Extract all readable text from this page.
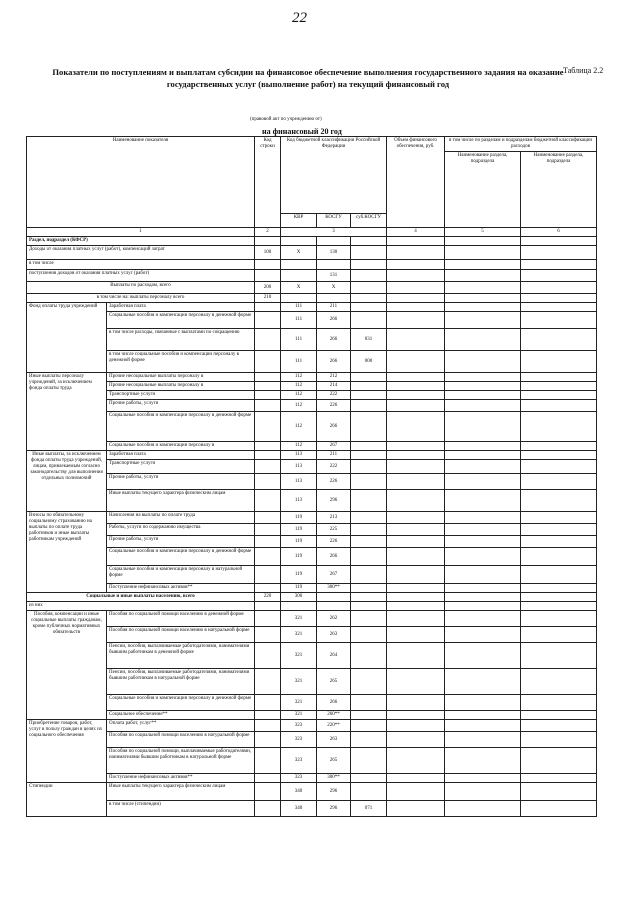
22
Таблица 2.2
Показатели по поступлениям и выплатам субсидии на финансовое обеспечение выполнения государственного задания на оказание
государственных услуг (выполнение работ) на текущий финансовый год
(правовой акт по учреждению от)
на финансовый 20 год
Наименование показателя		Код строки	Код бюджетной классификации Российской Федерации			Объем финансового обеспечения, руб.	в том числе по разделам и подразделам бюджетной классификации расходов	
							Наименование раздела, подраздела	Наименование раздела, подраздела
			КВР	КОСГУ	суб.КОСГУ			
1		2	3			4	5	6
Раздел, подраздел (КФСР)								
Доходы от оказания платных услуг (работ), компенсаций затрат		100	X	130				
в том числе								
поступления доходов от оказания платных услуг (работ)				131				
Выплаты по расходам, всего		200	X	X				
в том числе на: выплаты персоналу всего		210						
Фонд оплаты труда учреждений	Заработная плата		111	211				
	Социальные пособия и компенсации персоналу в денежной форме		111	266				
	в том числе расходы, связанные с выплатами по сокращению		111	266	031			
	в том числе социальные пособия и компенсации персоналу в денежной форме		111	266	000			
Иные выплаты персоналу учреждений, за исключением фонда оплаты труда	Прочие несоциальные выплаты персоналу в		112	212				
	Прочие несоциальные выплаты персоналу в		112	214				
	Транспортные услуги		112	222				
	Прочие работы, услуги		112	226				
	Социальные пособия и компенсации персоналу в денежной форме		112	266				
	Социальные пособия и компенсации персоналу в		112	267				
Иные выплаты, за исключением фонда оплаты труда учреждений, лицам, привлекаемым согласно законодательству для выполнения отдельных полномочий	Заработная плата		113	211				
	Транспортные услуги		113	222				
	Прочие работы, услуги		113	226				
	Иные выплаты текущего характера физическим лицам		113	296				
Взносы по обязательному социальному страхованию на выплаты по оплате труда работников и иные выплаты работникам учреждений	Начисления на выплаты по оплате труда		119	213				
	Работы, услуги по содержанию имущества		119	225				
	Прочие работы, услуги		119	226				
	Социальные пособия и компенсации персоналу в денежной форме		119	266				
	Социальные пособия и компенсации персоналу в натуральной форме		119	267				
	Поступление нефинансовых активов**		119	300**				
Социальные и иные выплаты населению, всего		220	300					
из них								
Пособия, компенсации и иные социальные выплаты гражданам, кроме публичных нормативных обязательств	Пособия по социальной помощи населению в денежной форме		321	262				
	Пособия по социальной помощи населению в натуральной форме		321	263				
	Пенсии, пособия, выплачиваемые работодателями, нанимателями бывшим работникам в денежной форме		321	264				
	Пенсии, пособия, выплачиваемые работодателями, нанимателями бывшим работникам в натуральной форме		321	265				
	Социальные пособия и компенсации персоналу в денежной форме		321	266				
	Социальное обеспечение**		321	260**				
Приобретение товаров, работ, услуг в пользу граждан в целях их социального обеспечения	Оплата работ, услуг**		323	220**				
	Пособия по социальной помощи населению в натуральной форме		323	263				
	Пособия по социальной помощи, выплачиваемые работодателями, нанимателями бывшим работникам в натуральной форме		323	265				
	Поступление нефинансовых активов**		323	300**				
Стипендии	Иные выплаты текущего характера физическим лицам		340	296				
	в том числе (стипендии)		340	296	071			
